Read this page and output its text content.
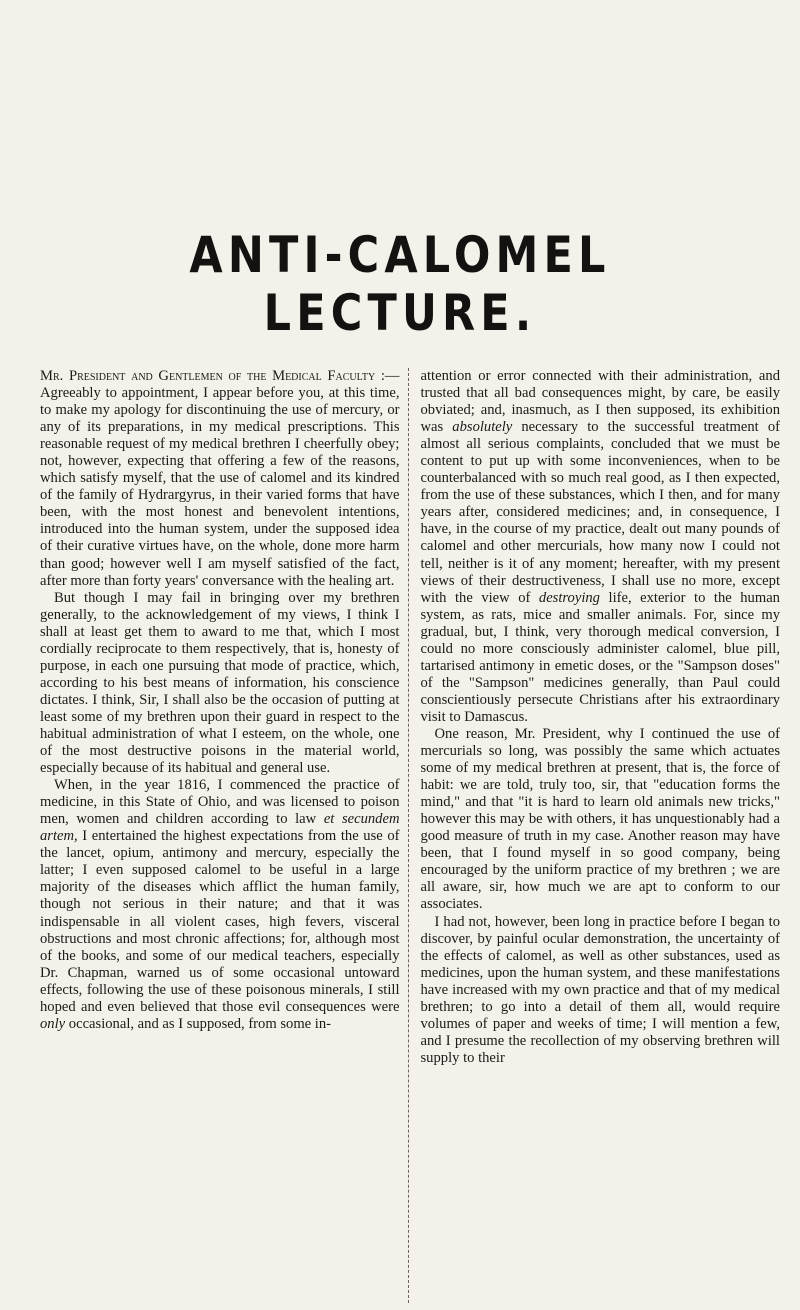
ANTI-CALOMEL LECTURE.

Mr. President and Gentlemen of the Medical Faculty :—Agreeably to appointment, I appear before you, at this time, to make my apology for discontinuing the use of mercury, or any of its preparations, in my medical prescriptions. This reasonable request of my medical brethren I cheerfully obey; not, however, expecting that offering a few of the reasons, which satisfy myself, that the use of calomel and its kindred of the family of Hydrargyrus, in their varied forms that have been, with the most honest and benevolent intentions, introduced into the human system, under the supposed idea of their curative virtues have, on the whole, done more harm than good; however well I am myself satisfied of the fact, after more than forty years' conversance with the healing art.

But though I may fail in bringing over my brethren generally, to the acknowledgement of my views, I think I shall at least get them to award to me that, which I most cordially reciprocate to them respectively, that is, honesty of purpose, in each one pursuing that mode of practice, which, according to his best means of information, his conscience dictates. I think, Sir, I shall also be the occasion of putting at least some of my brethren upon their guard in respect to the habitual administration of what I esteem, on the whole, one of the most destructive poisons in the material world, especially because of its habitual and general use.

When, in the year 1816, I commenced the practice of medicine, in this State of Ohio, and was licensed to poison men, women and children according to law et secundem artem, I entertained the highest expectations from the use of the lancet, opium, antimony and mercury, especially the latter; I even supposed calomel to be useful in a large majority of the diseases which afflict the human family, though not serious in their nature; and that it was indispensable in all violent cases, high fevers, visceral obstructions and most chronic affections; for, although most of the books, and some of our medical teachers, especially Dr. Chapman, warned us of some occasional untoward effects, following the use of these poisonous minerals, I still hoped and even believed that those evil consequences were only occasional, and as I supposed, from some in-

attention or error connected with their administration, and trusted that all bad consequences might, by care, be easily obviated; and, inasmuch, as I then supposed, its exhibition was absolutely necessary to the successful treatment of almost all serious complaints, concluded that we must be content to put up with some inconveniences, when to be counterbalanced with so much real good, as I then expected, from the use of these substances, which I then, and for many years after, considered medicines; and, in consequence, I have, in the course of my practice, dealt out many pounds of calomel and other mercurials, how many now I could not tell, neither is it of any moment; hereafter, with my present views of their destructiveness, I shall use no more, except with the view of destroying life, exterior to the human system, as rats, mice and smaller animals. For, since my gradual, but, I think, very thorough medical conversion, I could no more consciously administer calomel, blue pill, tartarised antimony in emetic doses, or the "Sampson doses" of the "Sampson" medicines generally, than Paul could conscientiously persecute Christians after his extraordinary visit to Damascus.

One reason, Mr. President, why I continued the use of mercurials so long, was possibly the same which actuates some of my medical brethren at present, that is, the force of habit: we are told, truly too, sir, that "education forms the mind," and that "it is hard to learn old animals new tricks," however this may be with others, it has unquestionably had a good measure of truth in my case. Another reason may have been, that I found myself in so good company, being encouraged by the uniform practice of my brethren ; we are all aware, sir, how much we are apt to conform to our associates.

I had not, however, been long in practice before I began to discover, by painful ocular demonstration, the uncertainty of the effects of calomel, as well as other substances, used as medicines, upon the human system, and these manifestations have increased with my own practice and that of my medical brethren; to go into a detail of them all, would require volumes of paper and weeks of time; I will mention a few, and I presume the recollection of my observing brethren will supply to their
